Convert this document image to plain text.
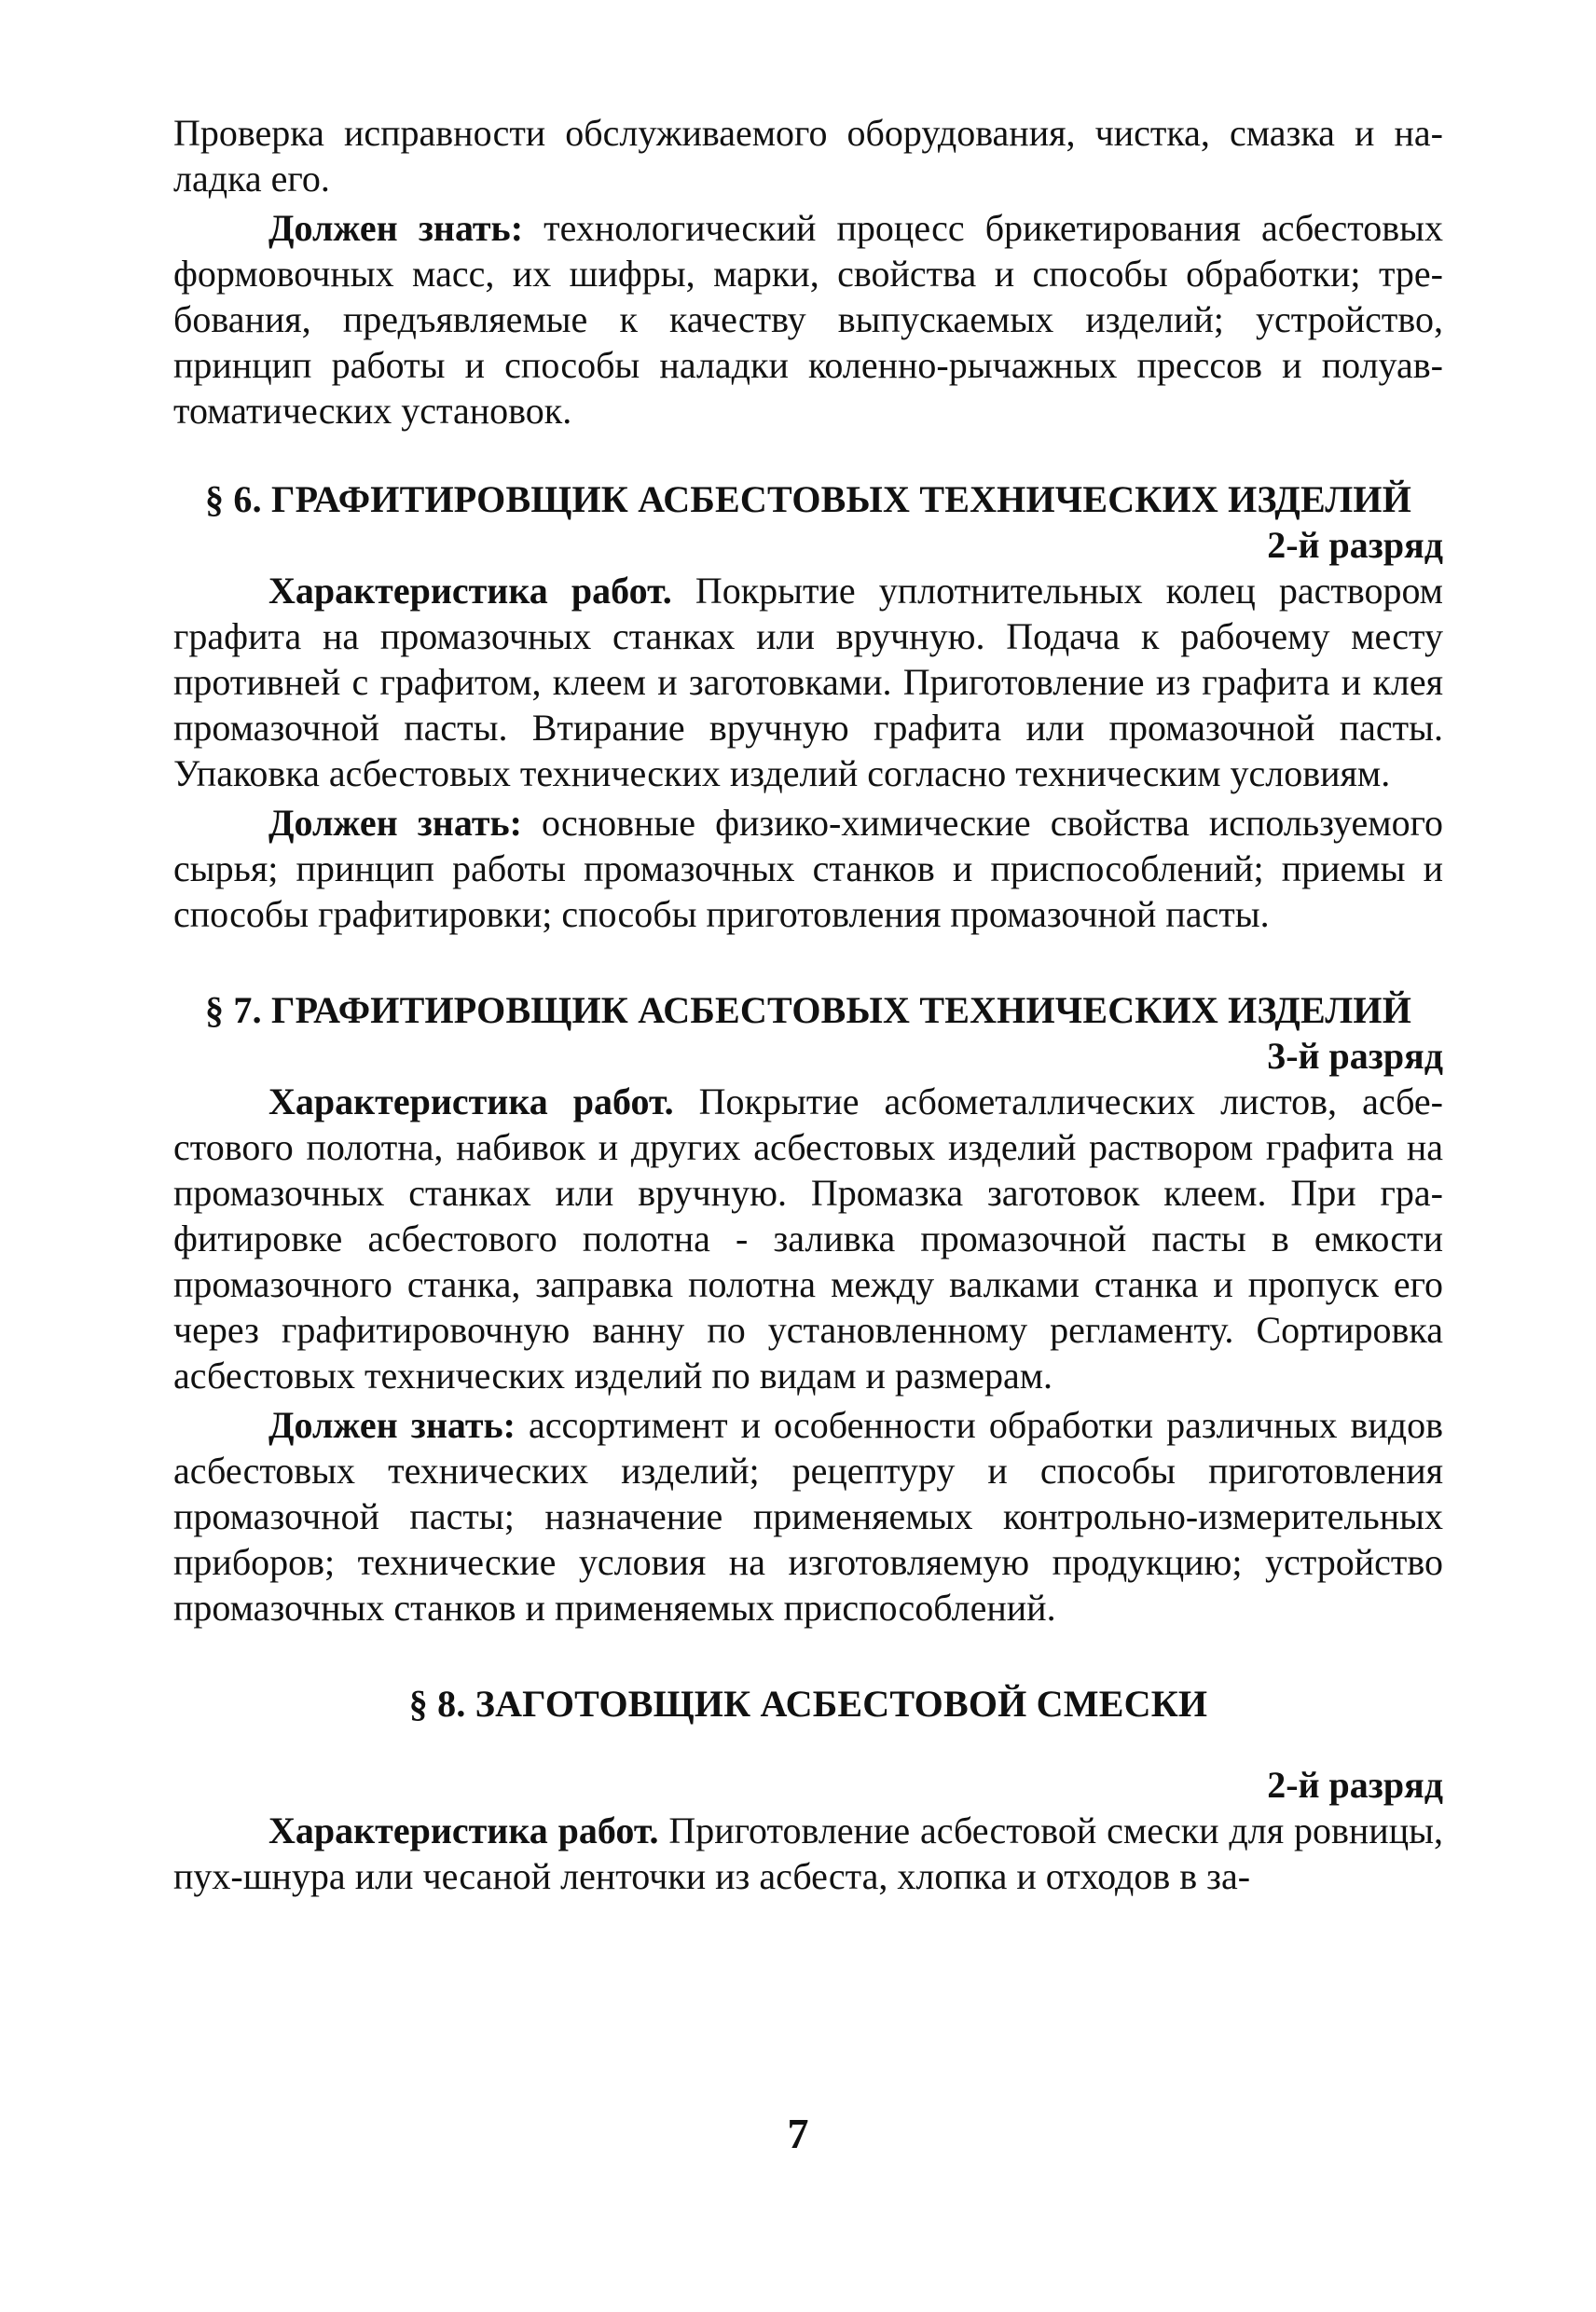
Проверка исправности обслуживаемого оборудования, чистка, смазка и наладка его.

Должен знать: технологический процесс брикетирования асбестовых формовочных масс, их шифры, марки, свойства и способы обработки; требования, предъявляемые к качеству выпускаемых изделий; устройство, принцип работы и способы наладки коленно-рычажных прессов и полуавтоматических установок.

§ 6. ГРАФИТИРОВЩИК АСБЕСТОВЫХ ТЕХНИЧЕСКИХ ИЗДЕЛИЙ

2-й разряд

Характеристика работ. Покрытие уплотнительных колец раствором графита на промазочных станках или вручную. Подача к рабочему месту противней с графитом, клеем и заготовками. Приготовление из графита и клея промазочной пасты. Втирание вручную графита или промазочной пасты. Упаковка асбестовых технических изделий согласно техническим условиям.

Должен знать: основные физико-химические свойства используемого сырья; принцип работы промазочных станков и приспособлений; приемы и способы графитировки; способы приготовления промазочной пасты.

§ 7. ГРАФИТИРОВЩИК АСБЕСТОВЫХ ТЕХНИЧЕСКИХ ИЗДЕЛИЙ

3-й разряд

Характеристика работ. Покрытие асбометаллических листов, асбестового полотна, набивок и других асбестовых изделий раствором графита на промазочных станках или вручную. Промазка заготовок клеем. При графитировке асбестового полотна - заливка промазочной пасты в емкости промазочного станка, заправка полотна между валками станка и пропуск его через графитировочную ванну по установленному регламенту. Сортировка асбестовых технических изделий по видам и размерам.

Должен знать: ассортимент и особенности обработки различных видов асбестовых технических изделий; рецептуру и способы приготовления промазочной пасты; назначение применяемых контрольно-измерительных приборов; технические условия на изготовляемую продукцию; устройство промазочных станков и применяемых приспособлений.

§ 8. ЗАГОТОВЩИК АСБЕСТОВОЙ СМЕСКИ

2-й разряд

Характеристика работ. Приготовление асбестовой смески для ровницы, пух-шнура или чесаной ленточки из асбеста, хлопка и отходов в за-

7
